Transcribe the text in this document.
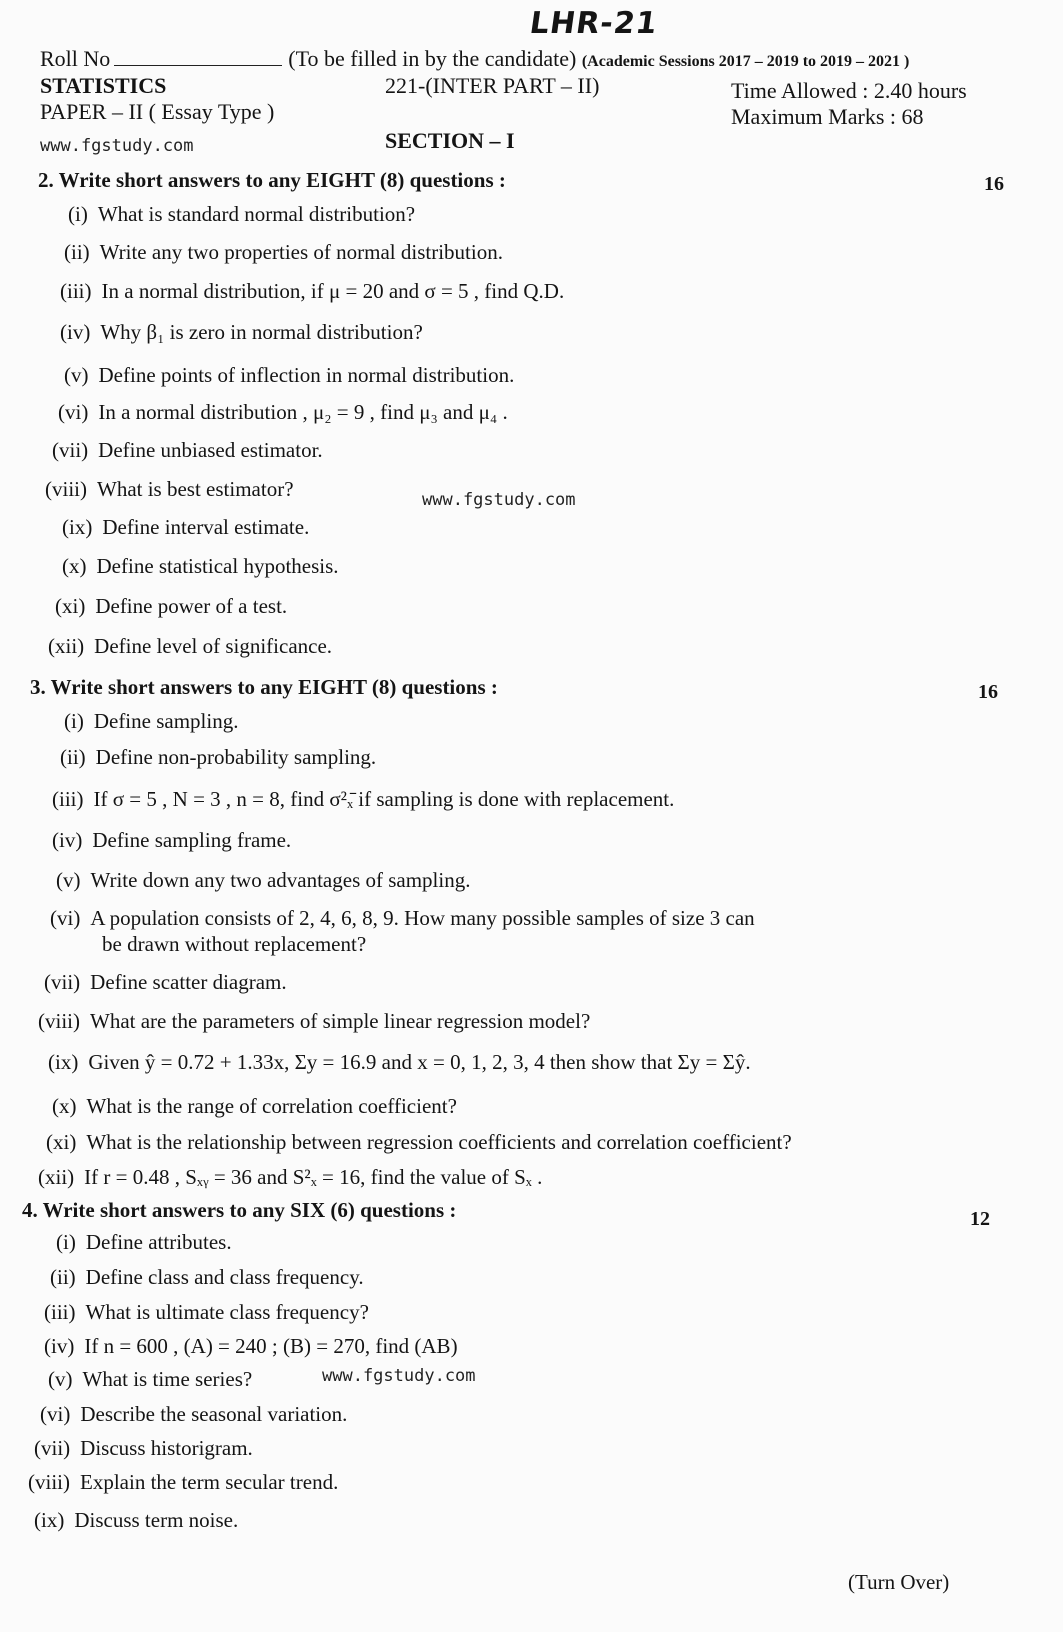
LHR-21
Roll No	(To be filled in by the candidate) (Academic Sessions 2017 – 2019 to 2019 – 2021 )
STATISTICS	221-(INTER PART – II)	Time Allowed : 2.40 hours
PAPER – II ( Essay Type )	Maximum Marks : 68
www.fgstudy.com	SECTION – I
2. Write short answers to any EIGHT (8) questions :	16
(i) What is standard normal distribution?
(ii) Write any two properties of normal distribution.
(iii) In a normal distribution, if μ = 20 and σ = 5 , find Q.D.
(iv) Why β₁ is zero in normal distribution?
(v) Define points of inflection in normal distribution.
(vi) In a normal distribution , μ₂ = 9 , find μ₃ and μ₄ .
(vii) Define unbiased estimator.
(viii) What is best estimator?	www.fgstudy.com
(ix) Define interval estimate.
(x) Define statistical hypothesis.
(xi) Define power of a test.
(xii) Define level of significance.
3. Write short answers to any EIGHT (8) questions :	16
(i) Define sampling.
(ii) Define non-probability sampling.
(iii) If σ = 5 , N = 3 , n = 8, find σ²ₓ̄ if sampling is done with replacement.
(iv) Define sampling frame.
(v) Write down any two advantages of sampling.
(vi) A population consists of 2, 4, 6, 8, 9. How many possible samples of size 3 can
be drawn without replacement?
(vii) Define scatter diagram.
(viii) What are the parameters of simple linear regression model?
(ix) Given ŷ = 0.72 + 1.33x, Σy = 16.9 and x = 0, 1, 2, 3, 4 then show that Σy = Σŷ.
(x) What is the range of correlation coefficient?
(xi) What is the relationship between regression coefficients and correlation coefficient?
(xii) If r = 0.48 , Sₓᵧ = 36 and S²ₓ = 16, find the value of Sₓ .
4. Write short answers to any SIX (6) questions :	12
(i) Define attributes.
(ii) Define class and class frequency.
(iii) What is ultimate class frequency?
(iv) If n = 600 , (A) = 240 ; (B) = 270, find (AB)
(v) What is time series?	www.fgstudy.com
(vi) Describe the seasonal variation.
(vii) Discuss historigram.
(viii) Explain the term secular trend.
(ix) Discuss term noise.
(Turn Over)
